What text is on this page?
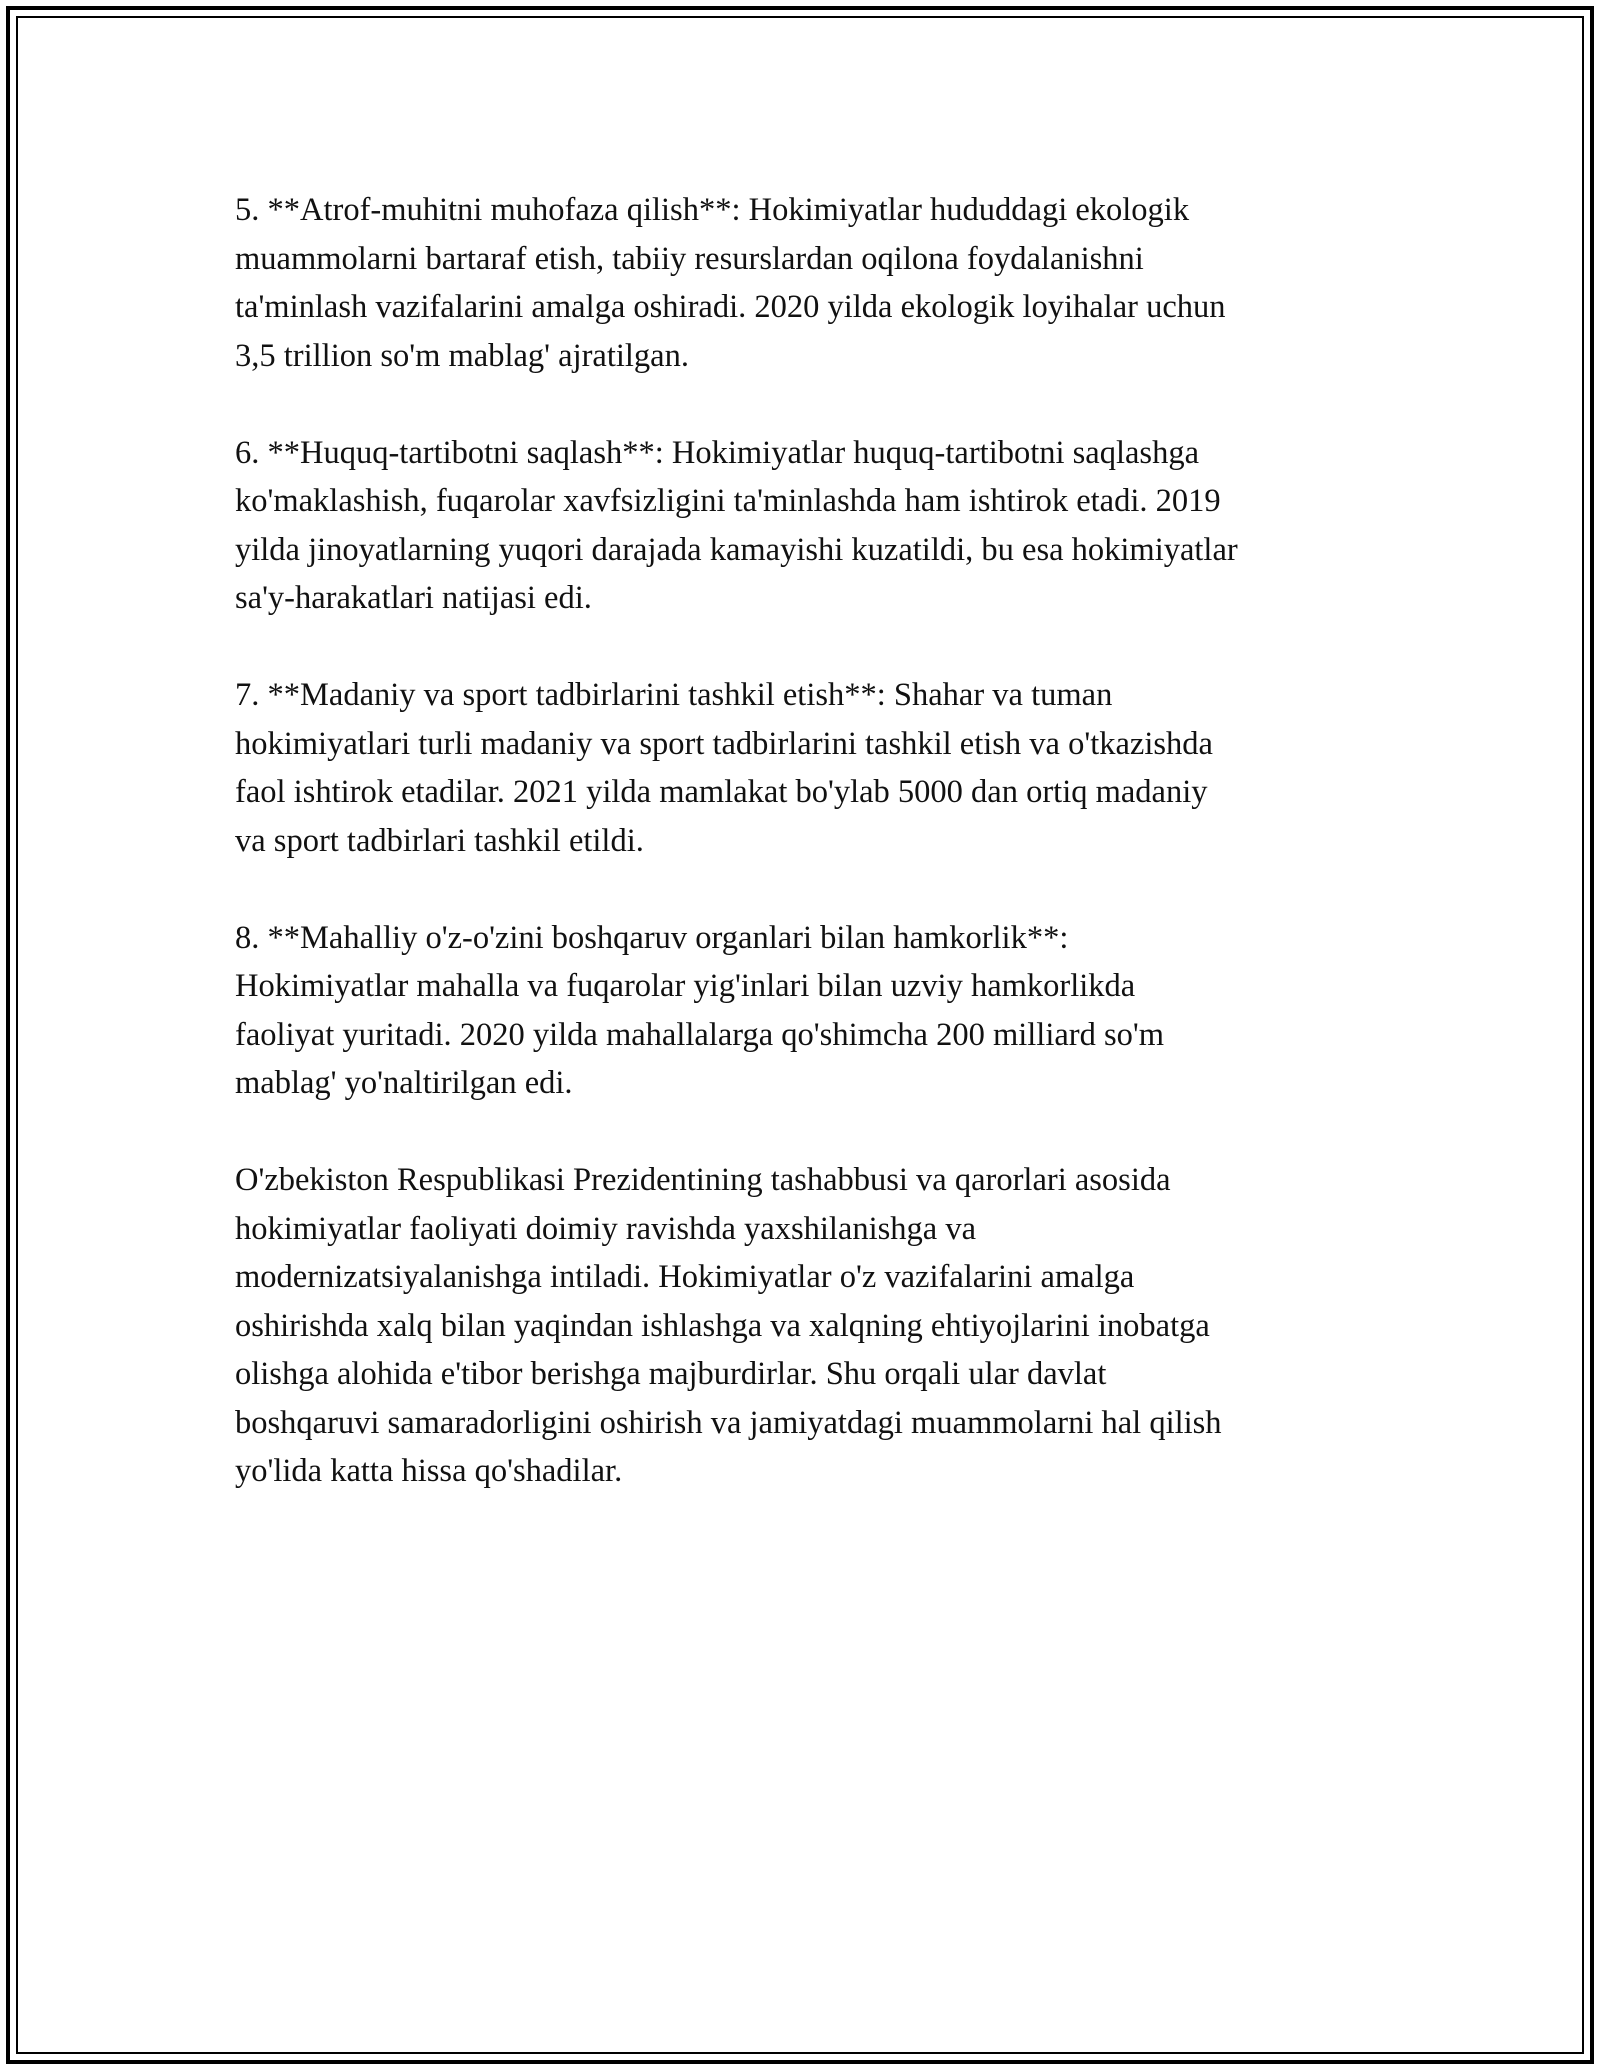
5. **Atrof-muhitni muhofaza qilish**: Hokimiyatlar hududdagi ekologik
muammolarni bartaraf etish, tabiiy resurslardan oqilona foydalanishni
ta'minlash vazifalarini amalga oshiradi. 2020 yilda ekologik loyihalar uchun
3,5 trillion so'm mablag' ajratilgan.

6. **Huquq-tartibotni saqlash**: Hokimiyatlar huquq-tartibotni saqlashga
ko'maklashish, fuqarolar xavfsizligini ta'minlashda ham ishtirok etadi. 2019
yilda jinoyatlarning yuqori darajada kamayishi kuzatildi, bu esa hokimiyatlar
sa'y-harakatlari natijasi edi.

7. **Madaniy va sport tadbirlarini tashkil etish**: Shahar va tuman
hokimiyatlari turli madaniy va sport tadbirlarini tashkil etish va o'tkazishda
faol ishtirok etadilar. 2021 yilda mamlakat bo'ylab 5000 dan ortiq madaniy
va sport tadbirlari tashkil etildi.

8. **Mahalliy o'z-o'zini boshqaruv organlari bilan hamkorlik**:
Hokimiyatlar mahalla va fuqarolar yig'inlari bilan uzviy hamkorlikda
faoliyat yuritadi. 2020 yilda mahallalarga qo'shimcha 200 milliard so'm
mablag' yo'naltirilgan edi.

O'zbekiston Respublikasi Prezidentining tashabbusi va qarorlari asosida
hokimiyatlar faoliyati doimiy ravishda yaxshilanishga va
modernizatsiyalanishga intiladi. Hokimiyatlar o'z vazifalarini amalga
oshirishda xalq bilan yaqindan ishlashga va xalqning ehtiyojlarini inobatga
olishga alohida e'tibor berishga majburdirlar. Shu orqali ular davlat
boshqaruvi samaradorligini oshirish va jamiyatdagi muammolarni hal qilish
yo'lida katta hissa qo'shadilar.
